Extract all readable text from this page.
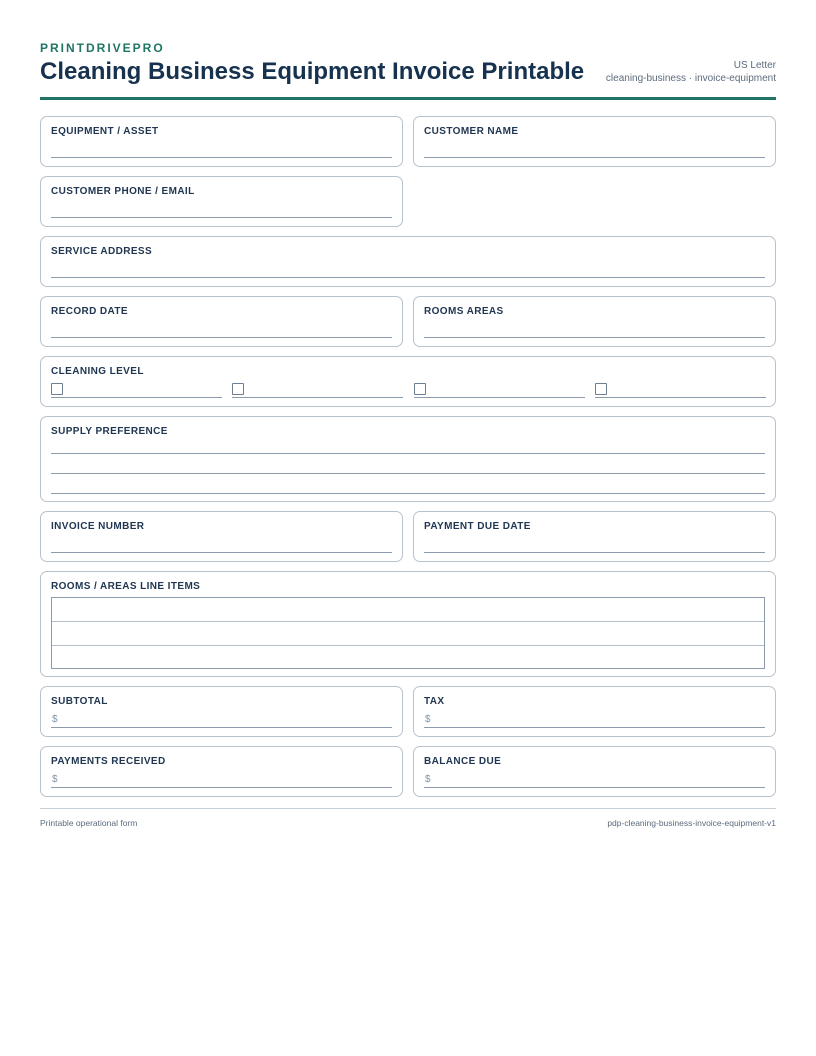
PRINTDRIVEPRO
Cleaning Business Equipment Invoice Printable	US Letter
cleaning-business · invoice-equipment
EQUIPMENT / ASSET	CUSTOMER NAME
CUSTOMER PHONE / EMAIL
SERVICE ADDRESS
RECORD DATE	ROOMS AREAS
CLEANING LEVEL
SUPPLY PREFERENCE
INVOICE NUMBER	PAYMENT DUE DATE
ROOMS / AREAS LINE ITEMS
SUBTOTAL
$
TAX
$
PAYMENTS RECEIVED
$
BALANCE DUE
$
Printable operational form	pdp-cleaning-business-invoice-equipment-v1
